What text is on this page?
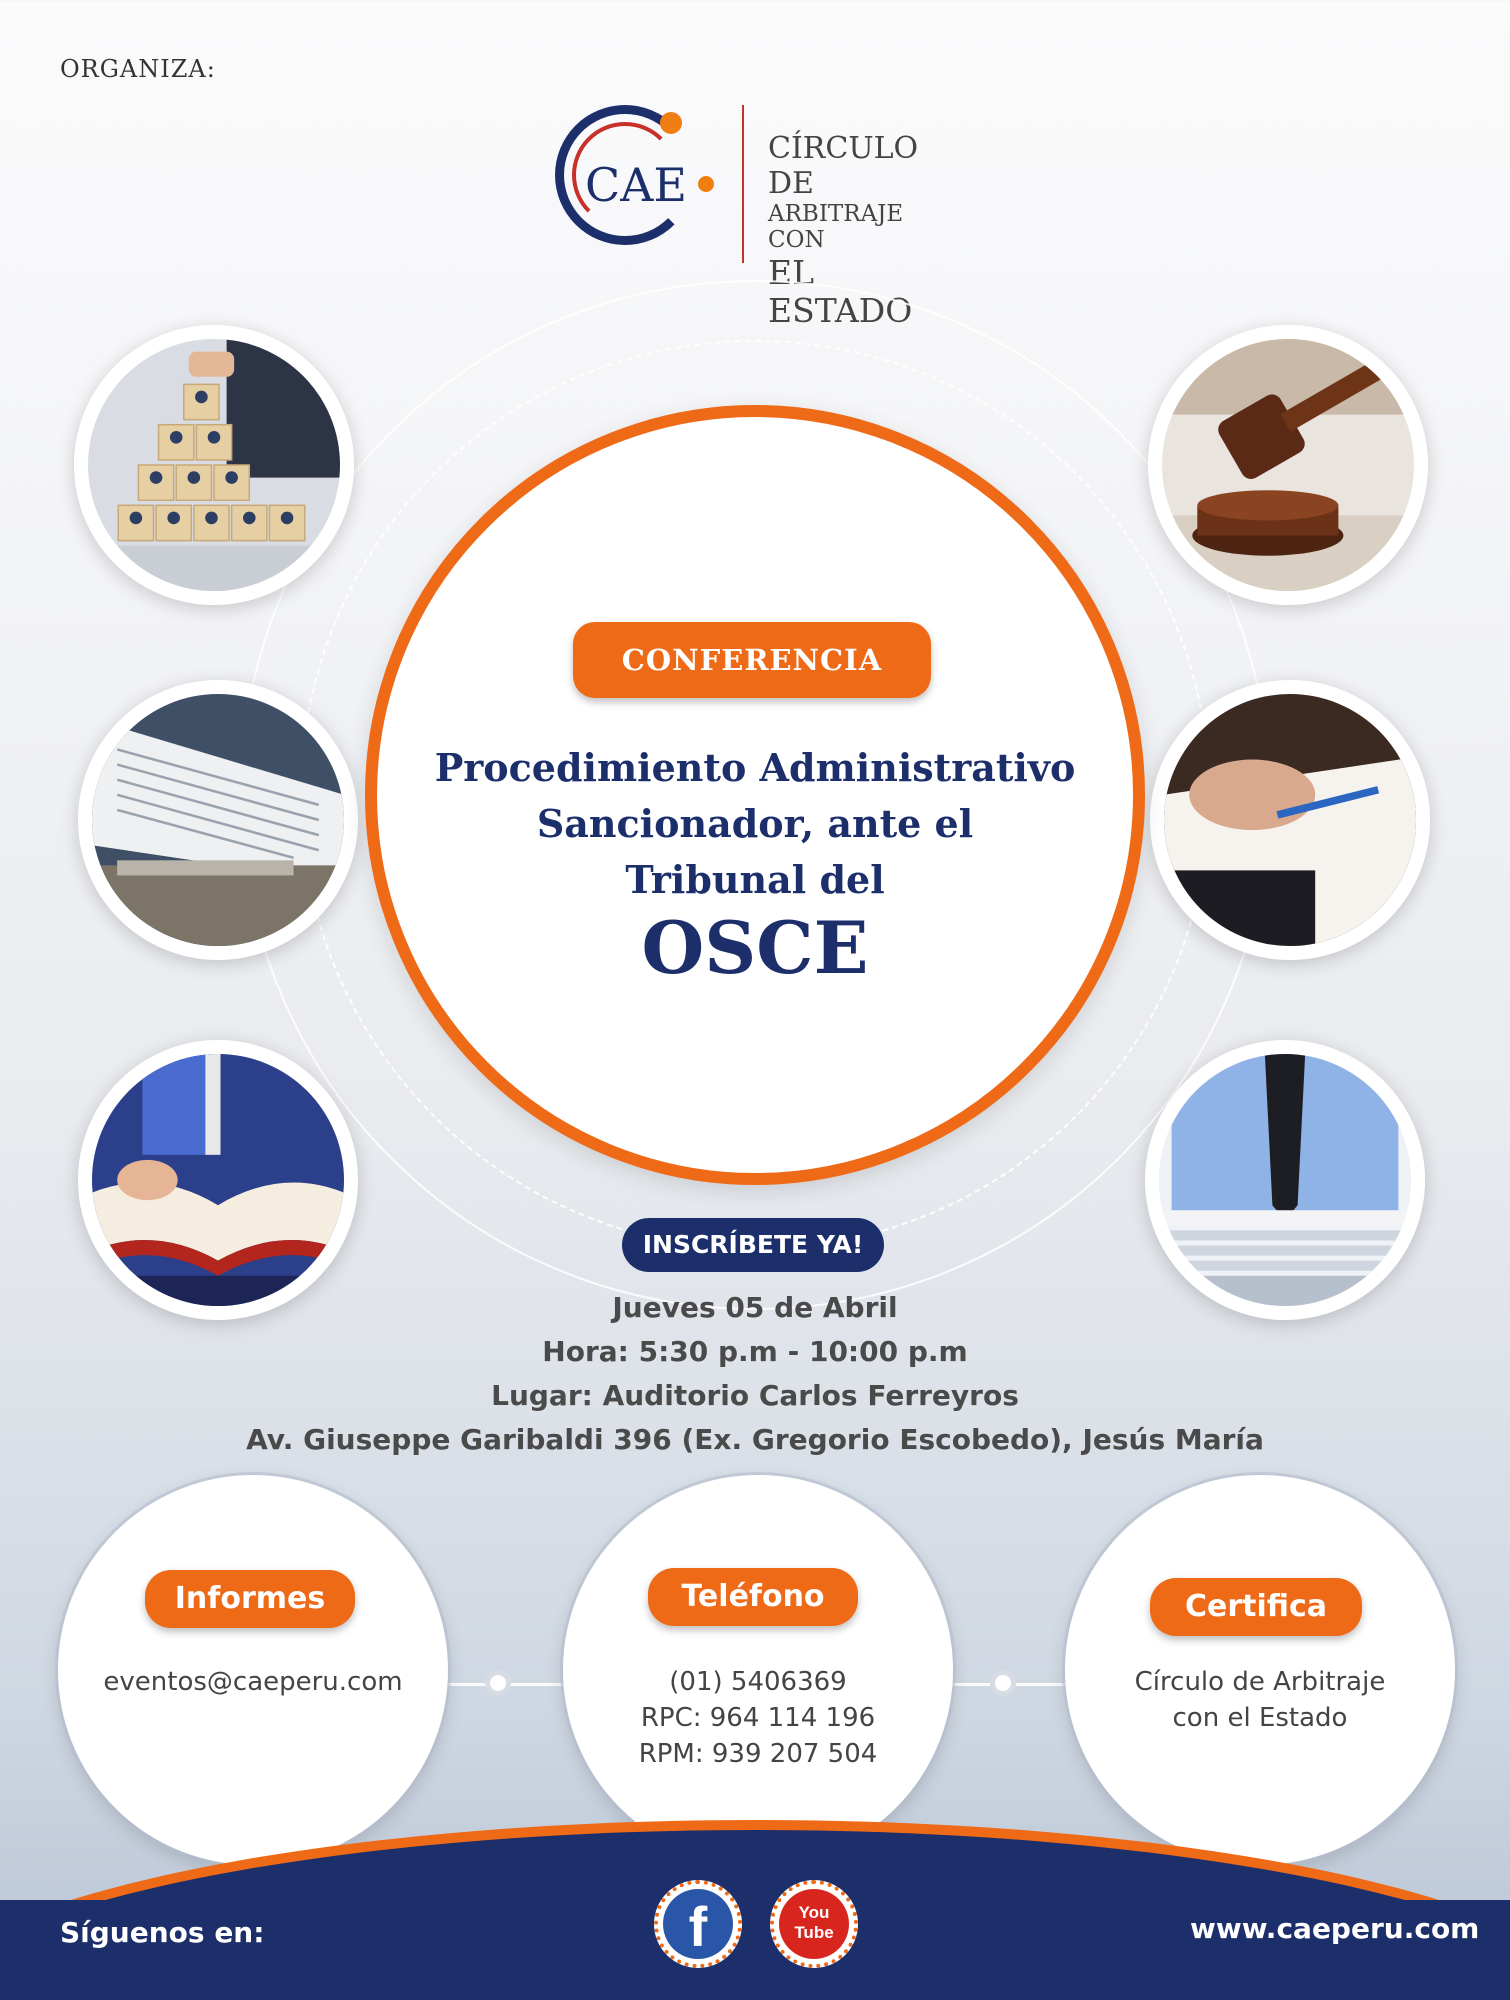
ORGANIZA:
CAE
CÍRCULO DE
ARBITRAJE CON
EL ESTADO
CONFERENCIA
Procedimiento Administrativo
Sancionador, ante el
Tribunal del
OSCE
INSCRÍBETE YA!
Jueves 05 de Abril
Hora: 5:30 p.m - 10:00 p.m
Lugar: Auditorio Carlos Ferreyros
Av. Giuseppe Garibaldi 396 (Ex. Gregorio Escobedo), Jesús María
Informes
eventos@caeperu.com
Teléfono
(01) 5406369
RPC: 964 114 196
RPM: 939 207 504
Certifica
Círculo de Arbitraje
con el Estado
Síguenos en:	f	You
Tube	www.caeperu.com
